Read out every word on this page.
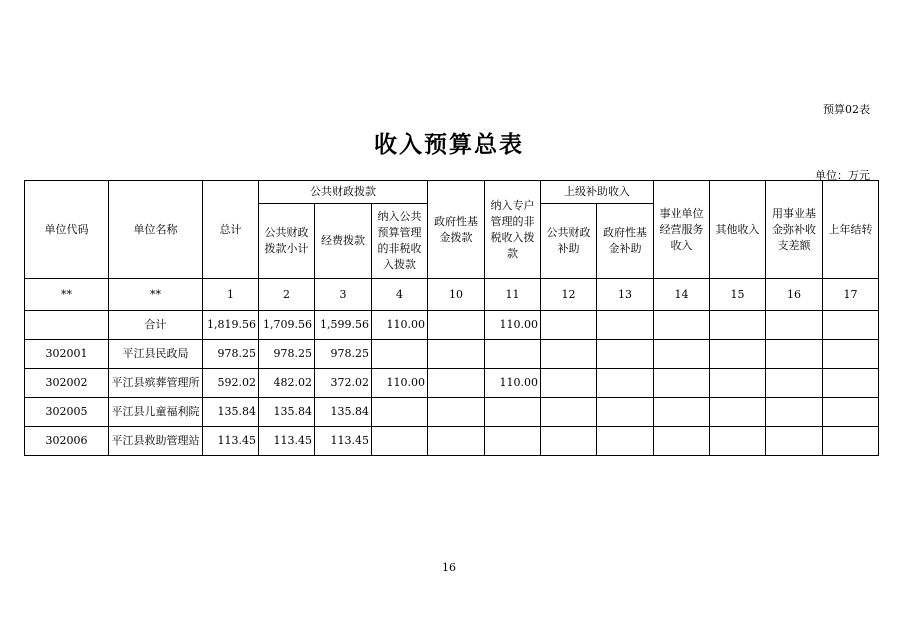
预算02表
收入预算总表
单位：万元
单位代码	单位名称	总计	公共财政拨款			政府性基金拨款	纳入专户管理的非税收入拨款	上级补助收入		事业单位经营服务收入	其他收入	用事业基金弥补收支差额	上年结转
			公共财政拨款小计	经费拨款	纳入公共预算管理的非税收入拨款			公共财政补助	政府性基金补助				
**	**	1	2	3	4	10	11	12	13	14	15	16	17
	合计	1,819.56	1,709.56	1,599.56	110.00		110.00						
302001	平江县民政局	978.25	978.25	978.25									
302002	平江县殡葬管理所	592.02	482.02	372.02	110.00		110.00						
302005	平江县儿童福利院	135.84	135.84	135.84									
302006	平江县救助管理站	113.45	113.45	113.45									
16
